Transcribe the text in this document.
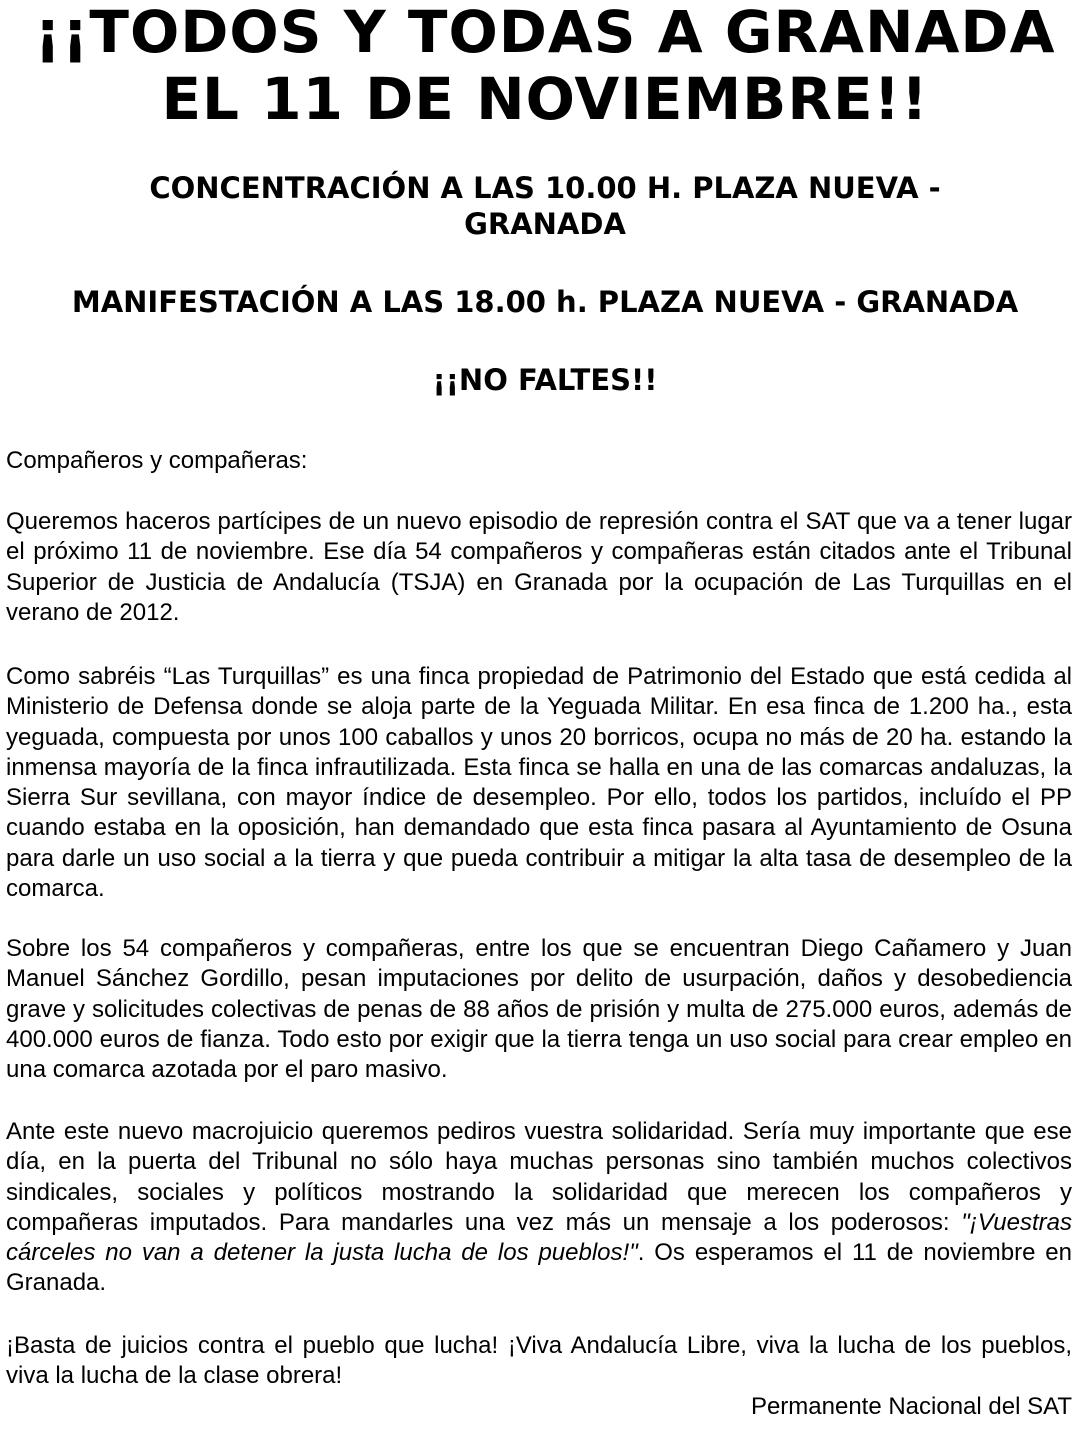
¡¡TODOS Y TODAS A GRANADA
EL 11 DE NOVIEMBRE!!
CONCENTRACIÓN A LAS 10.00 H. PLAZA NUEVA -
GRANADA
MANIFESTACIÓN A LAS 18.00 h. PLAZA NUEVA - GRANADA
¡¡NO FALTES!!

Compañeros y compañeras:

Queremos haceros partícipes de un nuevo episodio de represión contra el SAT que va a tener lugar el próximo 11 de noviembre. Ese día 54 compañeros y compañeras están citados ante el Tribunal Superior de Justicia de Andalucía (TSJA) en Granada por la ocupación de Las Turquillas en el verano de 2012.

Como sabréis “Las Turquillas” es una finca propiedad de Patrimonio del Estado que está cedida al Ministerio de Defensa donde se aloja parte de la Yeguada Militar. En esa finca de 1.200 ha., esta yeguada, compuesta por unos 100 caballos y unos 20 borricos, ocupa no más de 20 ha. estando la inmensa mayoría de la finca infrautilizada. Esta finca se halla en una de las comarcas andaluzas, la Sierra Sur sevillana, con mayor índice de desempleo. Por ello, todos los partidos, incluído el PP cuando estaba en la oposición, han demandado que esta finca pasara al Ayuntamiento de Osuna para darle un uso social a la tierra y que pueda contribuir a mitigar la alta tasa de desempleo de la comarca.

Sobre los 54 compañeros y compañeras, entre los que se encuentran Diego Cañamero y Juan Manuel Sánchez Gordillo, pesan imputaciones por delito de usurpación, daños y desobediencia grave y solicitudes colectivas de penas de 88 años de prisión y multa de 275.000 euros, además de 400.000 euros de fianza. Todo esto por exigir que la tierra tenga un uso social para crear empleo en una comarca azotada por el paro masivo.

Ante este nuevo macrojuicio queremos pediros vuestra solidaridad. Sería muy importante que ese día, en la puerta del Tribunal no sólo haya muchas personas sino también muchos colectivos sindicales, sociales y políticos mostrando la solidaridad que merecen los compañeros y compañeras imputados. Para mandarles una vez más un mensaje a los poderosos: "¡Vuestras cárceles no van a detener la justa lucha de los pueblos!". Os esperamos el 11 de noviembre en Granada.

¡Basta de juicios contra el pueblo que lucha! ¡Viva Andalucía Libre, viva la lucha de los pueblos, viva la lucha de la clase obrera!

Permanente Nacional del SAT
